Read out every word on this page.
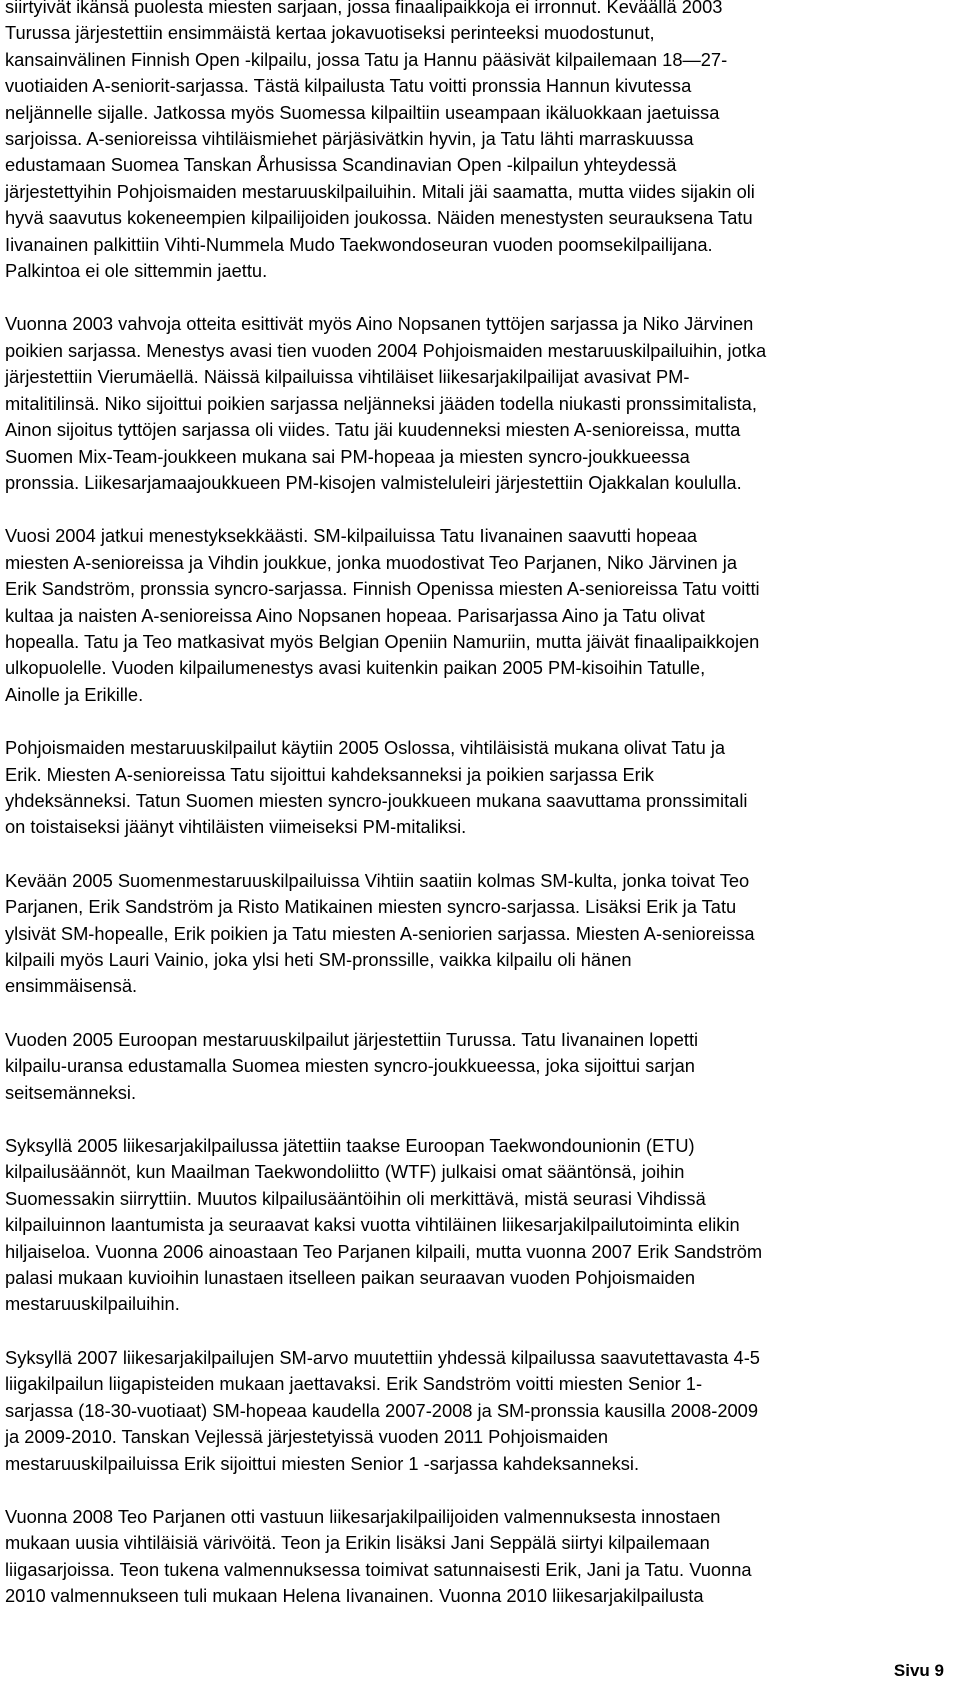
siirtyivät ikänsä puolesta miesten sarjaan, jossa finaalipaikkoja ei irronnut. Keväällä 2003
Turussa järjestettiin ensimmäistä kertaa jokavuotiseksi perinteeksi muodostunut,
kansainvälinen Finnish Open -kilpailu, jossa Tatu ja Hannu pääsivät kilpailemaan 18—27-
vuotiaiden A-seniorit-sarjassa. Tästä kilpailusta Tatu voitti pronssia Hannun kivutessa
neljännelle sijalle. Jatkossa myös Suomessa kilpailtiin useampaan ikäluokkaan jaetuissa
sarjoissa. A-senioreissa vihtiläismiehet pärjäsivätkin hyvin, ja Tatu lähti marraskuussa
edustamaan Suomea Tanskan Århusissa Scandinavian Open -kilpailun yhteydessä
järjestettyihin Pohjoismaiden mestaruuskilpailuihin. Mitali jäi saamatta, mutta viides sijakin oli
hyvä saavutus kokeneempien kilpailijoiden joukossa. Näiden menestysten seurauksena Tatu
Iivanainen palkittiin Vihti-Nummela Mudo Taekwondoseuran vuoden poomsekilpailijana.
Palkintoa ei ole sittemmin jaettu.

Vuonna 2003 vahvoja otteita esittivät myös Aino Nopsanen tyttöjen sarjassa ja Niko Järvinen
poikien sarjassa. Menestys avasi tien vuoden 2004 Pohjoismaiden mestaruuskilpailuihin, jotka
järjestettiin Vierumäellä. Näissä kilpailuissa vihtiläiset liikesarjakilpailijat avasivat PM-
mitalitilinsä. Niko sijoittui poikien sarjassa neljänneksi jääden todella niukasti pronssimitalista,
Ainon sijoitus tyttöjen sarjassa oli viides. Tatu jäi kuudenneksi miesten A-senioreissa, mutta
Suomen Mix-Team-joukkeen mukana sai PM-hopeaa ja miesten syncro-joukkueessa
pronssia. Liikesarjamaajoukkueen PM-kisojen valmisteluleiri järjestettiin Ojakkalan koululla.

Vuosi 2004 jatkui menestyksekkäästi. SM-kilpailuissa Tatu Iivanainen saavutti hopeaa
miesten A-senioreissa ja Vihdin joukkue, jonka muodostivat Teo Parjanen, Niko Järvinen ja
Erik Sandström, pronssia syncro-sarjassa. Finnish Openissa miesten A-senioreissa Tatu voitti
kultaa ja naisten A-senioreissa Aino Nopsanen hopeaa. Parisarjassa Aino ja Tatu olivat
hopealla. Tatu ja Teo matkasivat myös Belgian Openiin Namuriin, mutta jäivät finaalipaikkojen
ulkopuolelle. Vuoden kilpailumenestys avasi kuitenkin paikan 2005 PM-kisoihin Tatulle,
Ainolle ja Erikille.

Pohjoismaiden mestaruuskilpailut käytiin 2005 Oslossa, vihtiläisistä mukana olivat Tatu ja
Erik. Miesten A-senioreissa Tatu sijoittui kahdeksanneksi ja poikien sarjassa Erik
yhdeksänneksi. Tatun Suomen miesten syncro-joukkueen mukana saavuttama pronssimitali
on toistaiseksi jäänyt vihtiläisten viimeiseksi PM-mitaliksi.

Kevään 2005 Suomenmestaruuskilpailuissa Vihtiin saatiin kolmas SM-kulta, jonka toivat Teo
Parjanen, Erik Sandström ja Risto Matikainen miesten syncro-sarjassa. Lisäksi Erik ja Tatu
ylsivät SM-hopealle, Erik poikien ja Tatu miesten A-seniorien sarjassa. Miesten A-senioreissa
kilpaili myös Lauri Vainio, joka ylsi heti SM-pronssille, vaikka kilpailu oli hänen
ensimmäisensä.

Vuoden 2005 Euroopan mestaruuskilpailut järjestettiin Turussa. Tatu Iivanainen lopetti
kilpailu-uransa edustamalla Suomea miesten syncro-joukkueessa, joka sijoittui sarjan
seitsemänneksi.

Syksyllä 2005 liikesarjakilpailussa jätettiin taakse Euroopan Taekwondounionin (ETU)
kilpailusäännöt, kun Maailman Taekwondoliitto (WTF) julkaisi omat sääntönsä, joihin
Suomessakin siirryttiin. Muutos kilpailusääntöihin oli merkittävä, mistä seurasi Vihdissä
kilpailuinnon laantumista ja seuraavat kaksi vuotta vihtiläinen liikesarjakilpailutoiminta elikin
hiljaiseloa. Vuonna 2006 ainoastaan Teo Parjanen kilpaili, mutta vuonna 2007 Erik Sandström
palasi mukaan kuvioihin lunastaen itselleen paikan seuraavan vuoden Pohjoismaiden
mestaruuskilpailuihin.

Syksyllä 2007 liikesarjakilpailujen SM-arvo muutettiin yhdessä kilpailussa saavutettavasta 4-5
liigakilpailun liigapisteiden mukaan jaettavaksi. Erik Sandström voitti miesten Senior 1-
sarjassa (18-30-vuotiaat) SM-hopeaa kaudella 2007-2008 ja SM-pronssia kausilla 2008-2009
ja 2009-2010. Tanskan Vejlessä järjestetyissä vuoden 2011 Pohjoismaiden
mestaruuskilpailuissa Erik sijoittui miesten Senior 1 -sarjassa kahdeksanneksi.

Vuonna 2008 Teo Parjanen otti vastuun liikesarjakilpailijoiden valmennuksesta innostaen
mukaan uusia vihtiläisiä värivöitä. Teon ja Erikin lisäksi Jani Seppälä siirtyi kilpailemaan
liigasarjoissa. Teon tukena valmennuksessa toimivat satunnaisesti Erik, Jani ja Tatu. Vuonna
2010 valmennukseen tuli mukaan Helena Iivanainen. Vuonna 2010 liikesarjakilpailusta

Sivu 9
